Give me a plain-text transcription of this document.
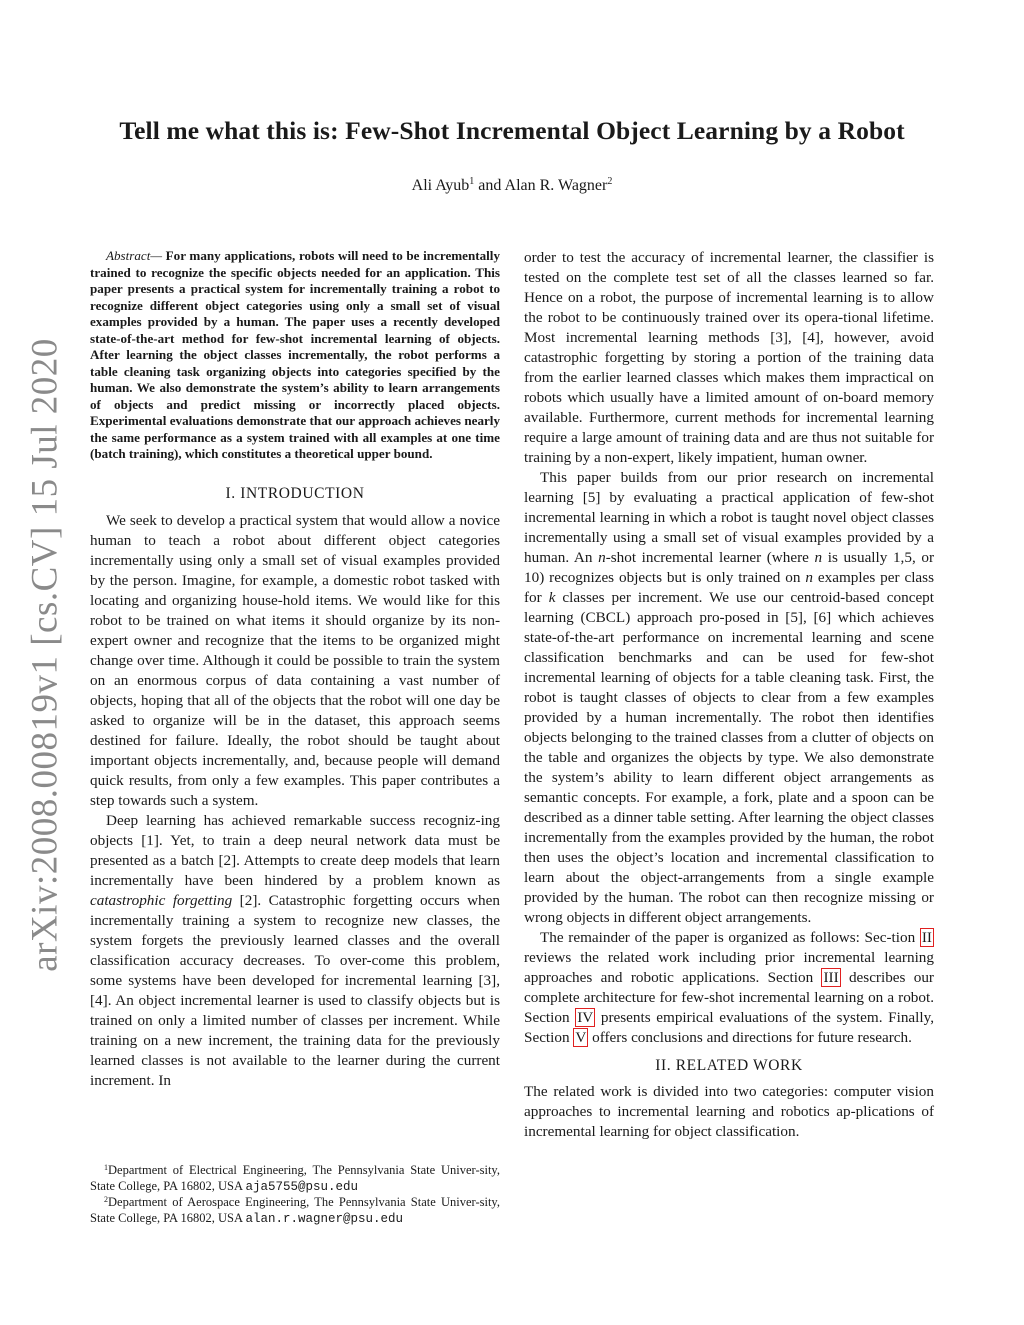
Tell me what this is: Few-Shot Incremental Object Learning by a Robot
Ali Ayub$^1$ and Alan R. Wagner$^2$
arXiv:2008.00819v1 [cs.CV] 15 Jul 2020

Abstract— For many applications, robots will need to be incrementally trained to recognize the specific objects needed for an application. This paper presents a practical system for incrementally training a robot to recognize different object categories using only a small set of visual examples provided by a human. The paper uses a recently developed state-of-the-art method for few-shot incremental learning of objects. After learning the object classes incrementally, the robot performs a table cleaning task organizing objects into categories specified by the human. We also demonstrate the system’s ability to learn arrangements of objects and predict missing or incorrectly placed objects. Experimental evaluations demonstrate that our approach achieves nearly the same performance as a system trained with all examples at one time (batch training), which constitutes a theoretical upper bound.

I. INTRODUCTION

We seek to develop a practical system that would allow a novice human to teach a robot about different object categories incrementally using only a small set of visual examples provided by the person. Imagine, for example, a domestic robot tasked with locating and organizing house-hold items. We would like for this robot to be trained on what items it should organize by its non-expert owner and recognize that the items to be organized might change over time. Although it could be possible to train the system on an enormous corpus of data containing a vast number of objects, hoping that all of the objects that the robot will one day be asked to organize will be in the dataset, this approach seems destined for failure. Ideally, the robot should be taught about important objects incrementally, and, because people will demand quick results, from only a few examples. This paper contributes a step towards such a system.

Deep learning has achieved remarkable success recogniz-ing objects [1]. Yet, to train a deep neural network data must be presented as a batch [2]. Attempts to create deep models that learn incrementally have been hindered by a problem known as catastrophic forgetting [2]. Catastrophic forgetting occurs when incrementally training a system to recognize new classes, the system forgets the previously learned classes and the overall classification accuracy decreases. To over-come this problem, some systems have been developed for incremental learning [3], [4]. An object incremental learner is used to classify objects but is trained on only a limited number of classes per increment. While training on a new increment, the training data for the previously learned classes is not available to the learner during the current increment. In

order to test the accuracy of incremental learner, the classifier is tested on the complete test set of all the classes learned so far. Hence on a robot, the purpose of incremental learning is to allow the robot to be continuously trained over its opera-tional lifetime. Most incremental learning methods [3], [4], however, avoid catastrophic forgetting by storing a portion of the training data from the earlier learned classes which makes them impractical on robots which usually have a limited amount of on-board memory available. Furthermore, current methods for incremental learning require a large amount of training data and are thus not suitable for training by a non-expert, likely impatient, human owner.

This paper builds from our prior research on incremental learning [5] by evaluating a practical application of few-shot incremental learning in which a robot is taught novel object classes incrementally using a small set of visual examples provided by a human. An n-shot incremental learner (where n is usually 1,5, or 10) recognizes objects but is only trained on n examples per class for k classes per increment. We use our centroid-based concept learning (CBCL) approach pro-posed in [5], [6] which achieves state-of-the-art performance on incremental learning and scene classification benchmarks and can be used for few-shot incremental learning of objects for a table cleaning task. First, the robot is taught classes of objects to clear from a few examples provided by a human incrementally. The robot then identifies objects belonging to the trained classes from a clutter of objects on the table and organizes the objects by type. We also demonstrate the system’s ability to learn different object arrangements as semantic concepts. For example, a fork, plate and a spoon can be described as a dinner table setting. After learning the object classes incrementally from the examples provided by the human, the robot then uses the object’s location and incremental classification to learn about the object-arrangements from a single example provided by the human. The robot can then recognize missing or wrong objects in different object arrangements.

The remainder of the paper is organized as follows: Sec-tion II reviews the related work including prior incremental learning approaches and robotic applications. Section III describes our complete architecture for few-shot incremental learning on a robot. Section IV presents empirical evaluations of the system. Finally, Section V offers conclusions and directions for future research.

II. RELATED WORK

The related work is divided into two categories: computer vision approaches to incremental learning and robotics ap-plications of incremental learning for object classification.

$^1$Department of Electrical Engineering, The Pennsylvania State Univer-sity, State College, PA 16802, USA aja5755@psu.edu

$^2$Department of Aerospace Engineering, The Pennsylvania State Univer-sity, State College, PA 16802, USA alan.r.wagner@psu.edu
